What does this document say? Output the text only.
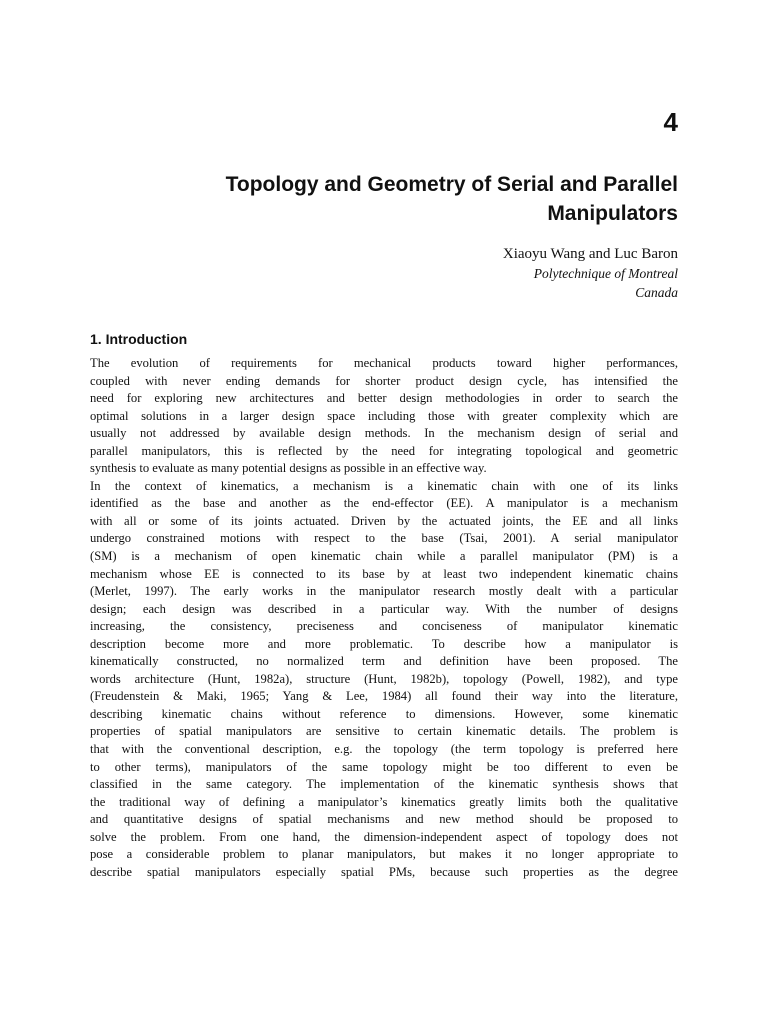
4
Topology and Geometry of Serial and Parallel
Manipulators
Xiaoyu Wang and Luc Baron
Polytechnique of Montreal
Canada
1. Introduction

The evolution of requirements for mechanical products toward higher performances,
coupled with never ending demands for shorter product design cycle, has intensified the
need for exploring new architectures and better design methodologies in order to search the
optimal solutions in a larger design space including those with greater complexity which are
usually not addressed by available design methods. In the mechanism design of serial and
parallel manipulators, this is reflected by the need for integrating topological and geometric
synthesis to evaluate as many potential designs as possible in an effective way.

In the context of kinematics, a mechanism is a kinematic chain with one of its links
identified as the base and another as the end-effector (EE). A manipulator is a mechanism
with all or some of its joints actuated. Driven by the actuated joints, the EE and all links
undergo constrained motions with respect to the base (Tsai, 2001). A serial manipulator
(SM) is a mechanism of open kinematic chain while a parallel manipulator (PM) is a
mechanism whose EE is connected to its base by at least two independent kinematic chains
(Merlet, 1997). The early works in the manipulator research mostly dealt with a particular
design; each design was described in a particular way. With the number of designs
increasing, the consistency, preciseness and conciseness of manipulator kinematic
description become more and more problematic. To describe how a manipulator is
kinematically constructed, no normalized term and definition have been proposed. The
words architecture (Hunt, 1982a), structure (Hunt, 1982b), topology (Powell, 1982), and type
(Freudenstein & Maki, 1965; Yang & Lee, 1984) all found their way into the literature,
describing kinematic chains without reference to dimensions. However, some kinematic
properties of spatial manipulators are sensitive to certain kinematic details. The problem is
that with the conventional description, e.g. the topology (the term topology is preferred here
to other terms), manipulators of the same topology might be too different to even be
classified in the same category. The implementation of the kinematic synthesis shows that
the traditional way of defining a manipulator’s kinematics greatly limits both the qualitative
and quantitative designs of spatial mechanisms and new method should be proposed to
solve the problem. From one hand, the dimension-independent aspect of topology does not
pose a considerable problem to planar manipulators, but makes it no longer appropriate to
describe spatial manipulators especially spatial PMs, because such properties as the degree
